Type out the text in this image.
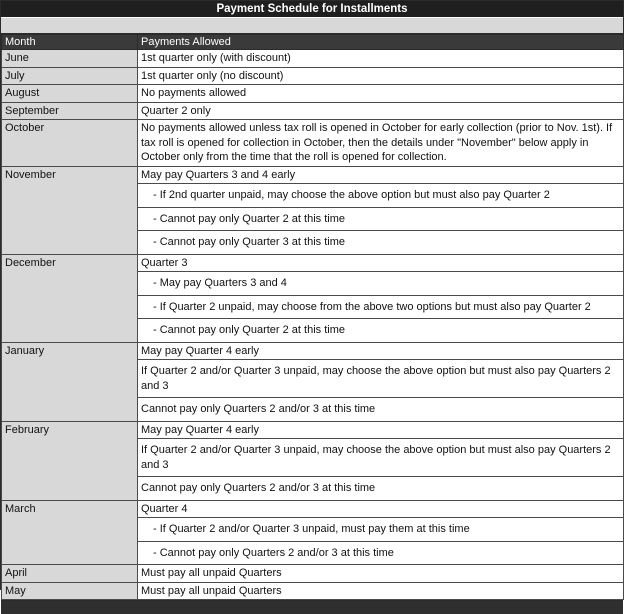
Payment Schedule for Installments
Month	Payments Allowed
June	1st quarter only (with discount)
July	1st quarter only (no discount)
August	No payments allowed
September	Quarter 2 only
October	No payments allowed unless tax roll is opened in October for early collection (prior to Nov. 1st). If tax roll is opened for collection in October, then the details under "November" below apply in October only from the time that the roll is opened for collection.
November	May pay Quarters 3 and 4 early
	- If 2nd quarter unpaid, may choose the above option but must also pay Quarter 2
	- Cannot pay only Quarter 2 at this time
	- Cannot pay only Quarter 3 at this time
December	Quarter 3
	- May pay Quarters 3 and 4
	- If Quarter 2 unpaid, may choose from the above two options but must also pay Quarter 2
	- Cannot pay only Quarter 2 at this time
January	May pay Quarter 4 early
	If Quarter 2 and/or Quarter 3 unpaid, may choose the above option but must also pay Quarters 2 and 3
	Cannot pay only Quarters 2 and/or 3 at this time
February	May pay Quarter 4 early
	If Quarter 2 and/or Quarter 3 unpaid, may choose the above option but must also pay Quarters 2 and 3
	Cannot pay only Quarters 2 and/or 3 at this time
March	Quarter 4
	- If Quarter 2 and/or Quarter 3 unpaid, must pay them at this time
	- Cannot pay only Quarters 2 and/or 3 at this time
April	Must pay all unpaid Quarters
May	Must pay all unpaid Quarters
